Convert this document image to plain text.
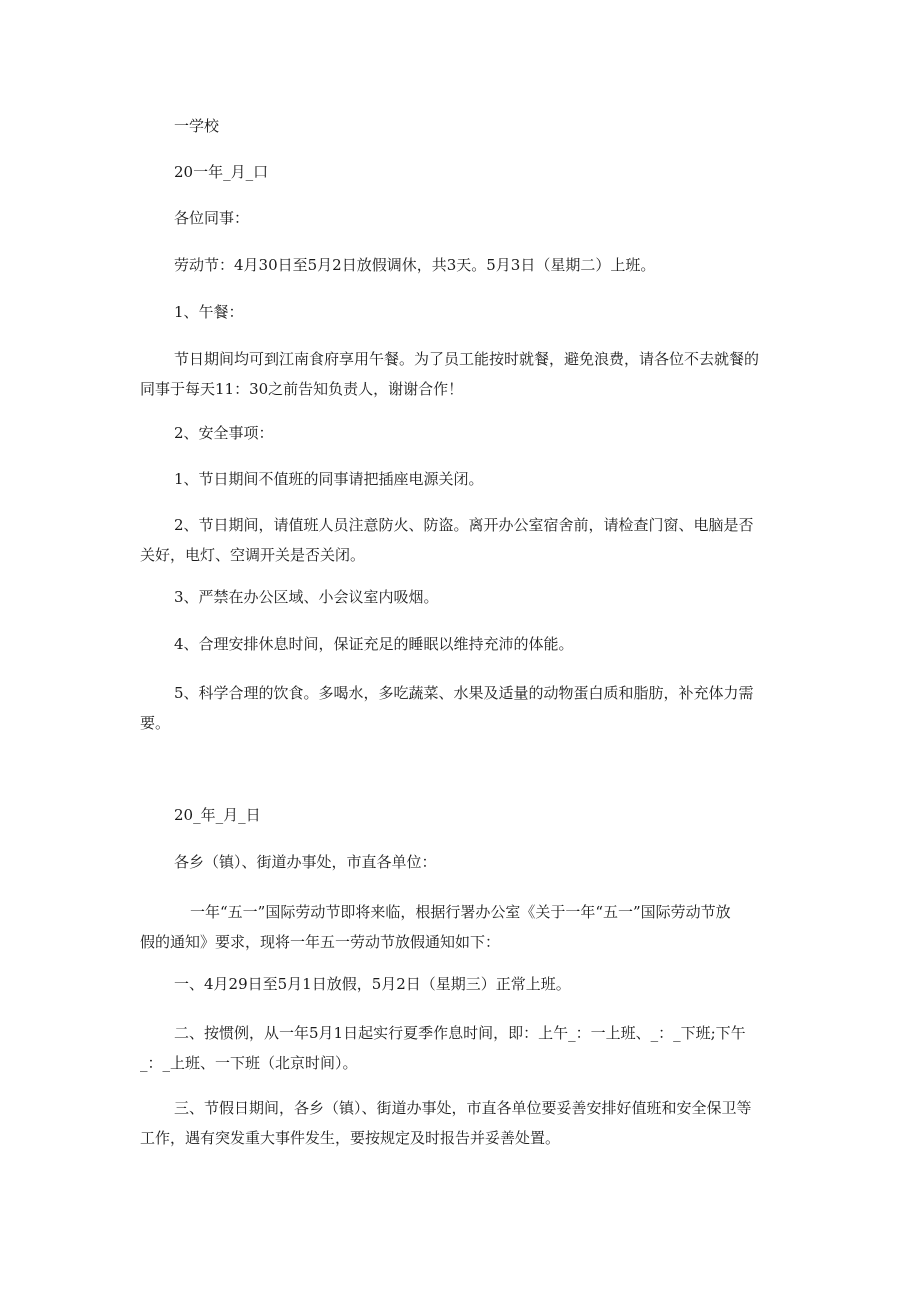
一学校

20一年_月_口

各位同事：

劳动节：4月30日至5月2日放假调休，共3天。5月3日（星期二）上班。

1、午餐：

节日期间均可到江南食府享用午餐。为了员工能按时就餐，避免浪费，请各位不去就餐的
同事于每天11：30之前告知负责人，谢谢合作！

2、安全事项：

1、节日期间不值班的同事请把插座电源关闭。

2、节日期间，请值班人员注意防火、防盗。离开办公室宿舍前，请检查门窗、电脑是否
关好，电灯、空调开关是否关闭。

3、严禁在办公区域、小会议室内吸烟。

4、合理安排休息时间，保证充足的睡眠以维持充沛的体能。

5、科学合理的饮食。多喝水，多吃蔬菜、水果及适量的动物蛋白质和脂肪，补充体力需
要。

20_年_月_日

各乡（镇）、街道办事处，市直各单位：

一年“五一”国际劳动节即将来临，根据行署办公室《关于一年“五一”国际劳动节放
假的通知》要求，现将一年五一劳动节放假通知如下：

一、4月29日至5月1日放假，5月2日（星期三）正常上班。

二、按惯例，从一年5月1日起实行夏季作息时间，即：上午_：一上班、_：_下班;下午
_：_上班、一下班（北京时间）。

三、节假日期间，各乡（镇）、街道办事处，市直各单位要妥善安排好值班和安全保卫等
工作，遇有突发重大事件发生，要按规定及时报告并妥善处置。
